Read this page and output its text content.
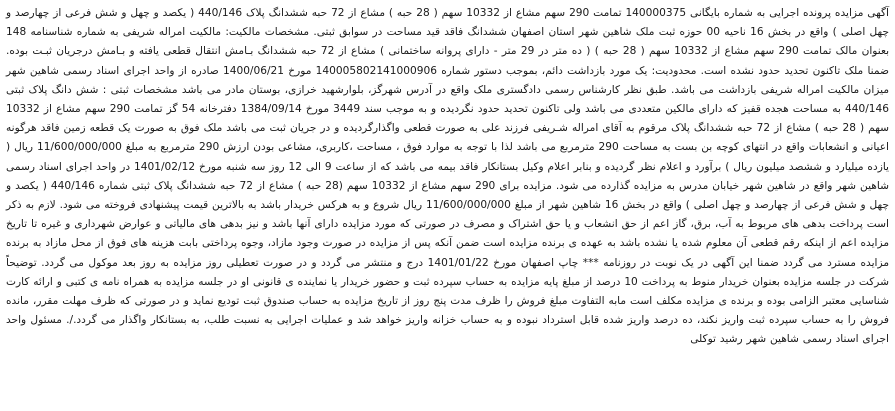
آگهی مزایده پرونده اجرایی به شماره بایگانی 140000375 تمامت 290 سهم مشاع از 10332 سهم ( 28 حبه ) مشاع از 72 حبه ششدانگ پلاک 440/146 ( یکصد و چهل و شش فرعی از چهارصد و چهل اصلی ) واقع در بخش 16 ناحیه 00 حوزه ثبت ملک شاهین شهر استان اصفهان ششدانگ فاقد قید مساحت در سوابق ثبتی. مشخصات مالکیت: مالکیت امراله شریفی به شماره شناسنامه 148 بعنوان مالک تمامت 290 سهم مشاع از 10332 سهم ( 28 حبه ) ( ده متر در 29 متر - دارای پروانه ساختمانی ) مشاع از 72 حبه ششدانگ بـامش انتقال قطعی یافته و بـامش درجریان ثبـت بوده. ضمنا ملک تاکنون تحدید حدود نشده است. محدودیت: یک مورد بازداشت دائم، بموجب دستور شماره 140005802141000906 مورخ 1400/06/21 صادره از واحد اجرای اسناد رسمی شاهین شهر میزان مالکیت امراله شریفی بازداشت می باشد. طبق نظر کارشناس رسمی دادگستری ملک واقع در آدرس شهرگز، بلوارشهید خرازی، بوستان مادر می باشد مشخصات ثبتی : شش دانگ پلاک ثبتی 440/146 به مساحت هجده قفیز که دارای مالکین متعددی می باشد ولی تاکنون تحدید حدود نگردیده و به موجب سند 3449 مورخ 1384/09/14 دفترخانه 54 گز تمامت 290 سهم مشاع از 10332 سهم ( 28 حبه ) مشاع از 72 حبه ششدانگ پلاک مرقوم به آقای امراله شـریفی فرزند علی به صورت قطعی واگذارگردیده و در جریان ثبت می باشد ملک فوق به صورت یک قطعه زمین فاقد هرگونه اعیانی و انشعابات واقع در انتهای کوچه بن بست به مساحت 290 مترمربع می باشد لذا با توجه به موارد فوق ، مساحت ،کاربری، مشاعی بودن ارزش 290 مترمربع به مبلغ 11/600/000/000 ریال ( یازده میلیارد و ششصد میلیون ریال ) برآورد و اعلام نظر گردیده و بنابر اعلام وکیل بستانکار فاقد بیمه می باشد که از ساعت 9 الی 12 روز سه شنبه مورخ 1401/02/12 در واحد اجرای اسناد رسمی شاهین شهر واقع در شاهین شهر خیابان مدرس به مزایده گذارده می شود. مزایده برای 290 سهم مشاع از 10332 سهم (28 حبه ) مشاع از 72 حبه ششدانگ پلاک ثبتی شماره 440/146 ( یکصد و چهل و شش فرعی از چهارصد و چهل اصلی ) واقع در بخش 16 شاهین شهر از مبلغ 11/600/000/000 ریال شروع و به هرکس خریدار باشد به بالاترین قیمت پیشنهادی فروخته می شود. لازم به ذکر است پرداخت بدهی های مربوط به آب، برق، گاز اعم از حق انشعاب و یا حق اشتراک و مصرف در صورتی که مورد مزایده دارای آنها باشد و نیز بدهی های مالیاتی و عوارض شهرداری و غیره تا تاریخ مزایده اعم از اینکه رقم قطعی آن معلوم شده یا نشده باشد به عهده ی برنده مزایده است ضمن آنکه پس از مزایده در صورت وجود مازاد، وجوه پرداختی بابت هزینه های فوق از محل مازاد به برنده مزایده مسترد می گردد ضمنا این آگهی در یک نوبت در روزنامه *** چاپ اصفهان مورخ 1401/01/22 درج و منتشر می گردد و در صورت تعطیلی روز مزایده به روز بعد موکول می گردد. توضیحاً شرکت در جلسه مزایده بعنوان خریدار منوط به پرداخت 10 درصد از مبلغ پایه مزایده به حساب سپرده ثبت و حضور خریدار یا نماینده ی قانونی او در جلسه مزایده به همراه نامه ی کتبی و ارائه کارت شناسایی معتبر الزامی بوده و برنده ی مزایده مکلف است مابه التفاوت مبلغ فروش را ظرف مدت پنج روز از تاریخ مزایده به حساب صندوق ثبت تودیع نماید و در صورتی که ظرف مهلت مقرر، مانده فروش را به حساب سپرده ثبت واریز نکند، ده درصد واریز شده قابل استرداد نبوده و به حساب خزانه واریز خواهد شد و عملیات اجرایی به نسبت طلب، به بستانکار واگذار می گردد./. مسئول واحد اجرای اسناد رسمی شاهین شهر رشید توکلی
